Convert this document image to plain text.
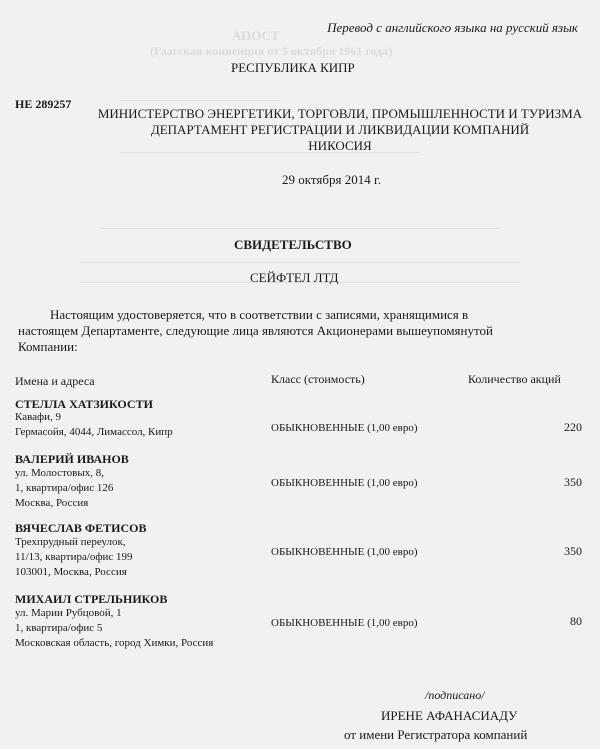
АПОСТ
(Гаагская конвенция от 5 октября 1961 года)
Перевод с английского языка на русский язык
РЕСПУБЛИКА КИПР
НЕ 289257
МИНИСТЕРСТВО ЭНЕРГЕТИКИ, ТОРГОВЛИ, ПРОМЫШЛЕННОСТИ И ТУРИЗМА
ДЕПАРТАМЕНТ РЕГИСТРАЦИИ И ЛИКВИДАЦИИ КОМПАНИЙ
НИКОСИЯ
29 октября 2014 г.
СВИДЕТЕЛЬСТВО
СЕЙФТЕЛ ЛТД
Настоящим удостоверяется, что в соответствии с записями, хранящимися в
настоящем Департаменте, следующие лица являются Акционерами вышеупомянутой
Компании:
Имена и адреса	Класс (стоимость)	Количество акций
СТЕЛЛА ХАТЗИКОСТИ
Кавафи, 9
Гермасойя, 4044, Лимассол, Кипр	ОБЫКНОВЕННЫЕ (1,00 евро)	220
ВАЛЕРИЙ ИВАНОВ
ул. Молостовых, 8,
1, квартира/офис 126
Москва, Россия
ОБЫКНОВЕННЫЕ (1,00 евро)	350
ВЯЧЕСЛАВ ФЕТИСОВ
Трехпрудный переулок,
11/13, квартира/офис 199
103001, Москва, Россия
ОБЫКНОВЕННЫЕ (1,00 евро)	350
МИХАИЛ СТРЕЛЬНИКОВ
ул. Марии Рубцовой, 1
1, квартира/офис 5
Московская область, город Химки, Россия
ОБЫКНОВЕННЫЕ (1,00 евро)	80
/подписано/
ИРЕНЕ АФАНАСИАДУ
от имени Регистратора компаний
